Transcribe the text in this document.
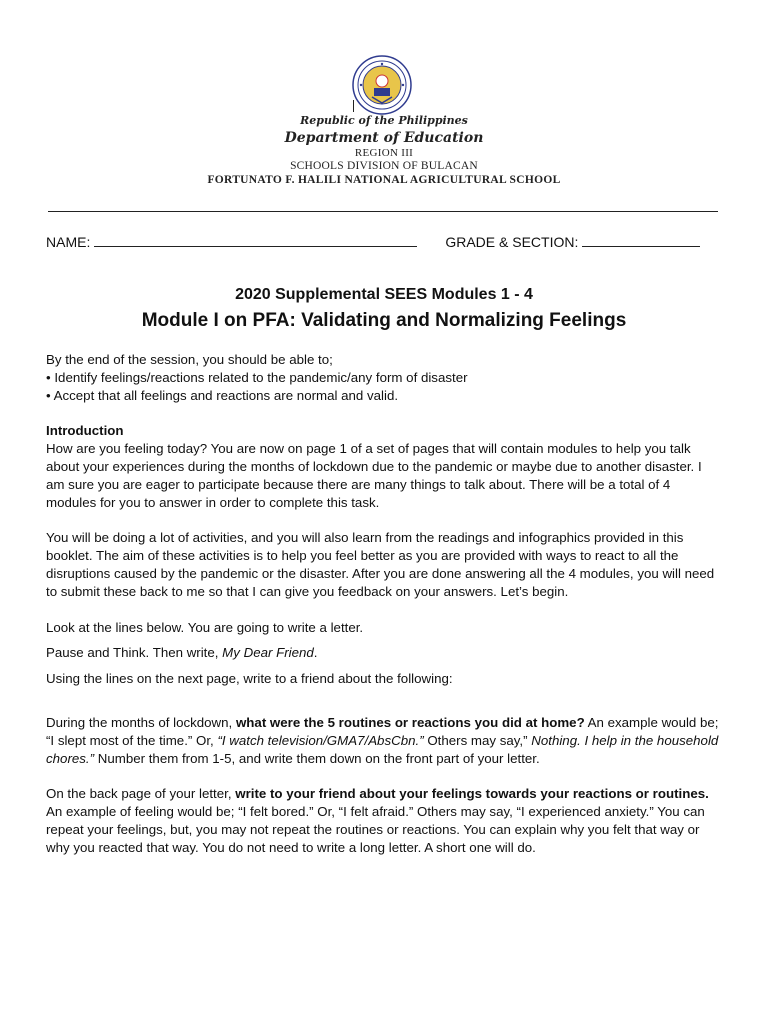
Republic of the Philippines
Department of Education
REGION III
SCHOOLS DIVISION OF BULACAN
FORTUNATO F. HALILI NATIONAL AGRICULTURAL SCHOOL
NAME:	GRADE & SECTION:
2020 Supplemental SEES Modules 1 - 4
Module I on PFA: Validating and Normalizing Feelings

By the end of the session, you should be able to;

• Identify feelings/reactions related to the pandemic/any form of disaster

• Accept that all feelings and reactions are normal and valid.

Introduction

How are you feeling today? You are now on page 1 of a set of pages that will contain modules to help you talk about your experiences during the months of lockdown due to the pandemic or maybe due to another disaster. I am sure you are eager to participate because there are many things to talk about. There will be a total of 4 modules for you to answer in order to complete this task.

You will be doing a lot of activities, and you will also learn from the readings and infographics provided in this booklet. The aim of these activities is to help you feel better as you are provided with ways to react to all the disruptions caused by the pandemic or the disaster. After you are done answering all the 4 modules, you will need to submit these back to me so that I can give you feedback on your answers. Let’s begin.

Look at the lines below. You are going to write a letter.

Pause and Think. Then write, My Dear Friend.

Using the lines on the next page, write to a friend about the following:

During the months of lockdown, what were the 5 routines or reactions you did at home? An example would be; “I slept most of the time.” Or, “I watch television/GMA7/AbsCbn.” Others may say,” Nothing. I help in the household chores.” Number them from 1-5, and write them down on the front part of your letter.

On the back page of your letter, write to your friend about your feelings towards your reactions or routines. An example of feeling would be; “I felt bored.” Or, “I felt afraid.” Others may say, “I experienced anxiety.” You can repeat your feelings, but, you may not repeat the routines or reactions. You can explain why you felt that way or why you reacted that way. You do not need to write a long letter. A short one will do.
